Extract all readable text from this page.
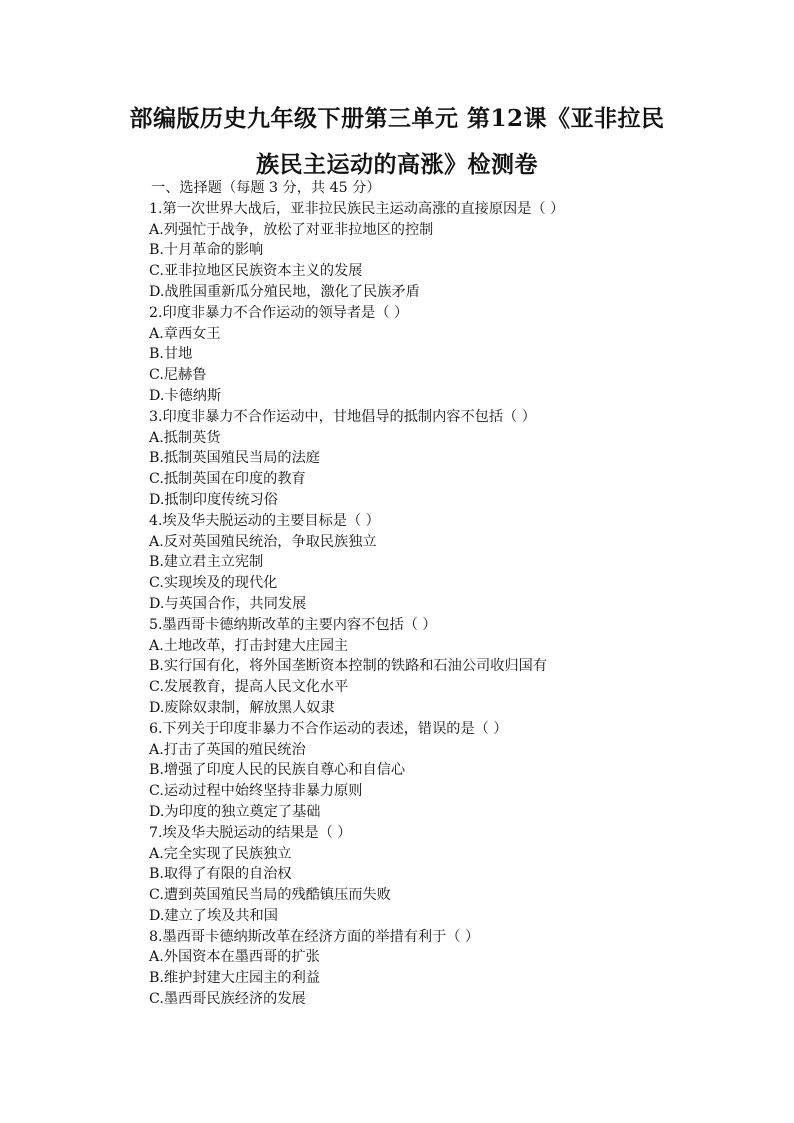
部编版历史九年级下册第三单元 第12课《亚非拉民
族民主运动的高涨》检测卷
一、选择题（每题 3 分，共 45 分）
1.第一次世界大战后，亚非拉民族民主运动高涨的直接原因是（ ）
A.列强忙于战争，放松了对亚非拉地区的控制
B.十月革命的影响
C.亚非拉地区民族资本主义的发展
D.战胜国重新瓜分殖民地，激化了民族矛盾
2.印度非暴力不合作运动的领导者是（ ）
A.章西女王
B.甘地
C.尼赫鲁
D.卡德纳斯
3.印度非暴力不合作运动中，甘地倡导的抵制内容不包括（ ）
A.抵制英货
B.抵制英国殖民当局的法庭
C.抵制英国在印度的教育
D.抵制印度传统习俗
4.埃及华夫脱运动的主要目标是（ ）
A.反对英国殖民统治，争取民族独立
B.建立君主立宪制
C.实现埃及的现代化
D.与英国合作，共同发展
5.墨西哥卡德纳斯改革的主要内容不包括（ ）
A.土地改革，打击封建大庄园主
B.实行国有化，将外国垄断资本控制的铁路和石油公司收归国有
C.发展教育，提高人民文化水平
D.废除奴隶制，解放黑人奴隶
6.下列关于印度非暴力不合作运动的表述，错误的是（ ）
A.打击了英国的殖民统治
B.增强了印度人民的民族自尊心和自信心
C.运动过程中始终坚持非暴力原则
D.为印度的独立奠定了基础
7.埃及华夫脱运动的结果是（ ）
A.完全实现了民族独立
B.取得了有限的自治权
C.遭到英国殖民当局的残酷镇压而失败
D.建立了埃及共和国
8.墨西哥卡德纳斯改革在经济方面的举措有利于（ ）
A.外国资本在墨西哥的扩张
B.维护封建大庄园主的利益
C.墨西哥民族经济的发展
